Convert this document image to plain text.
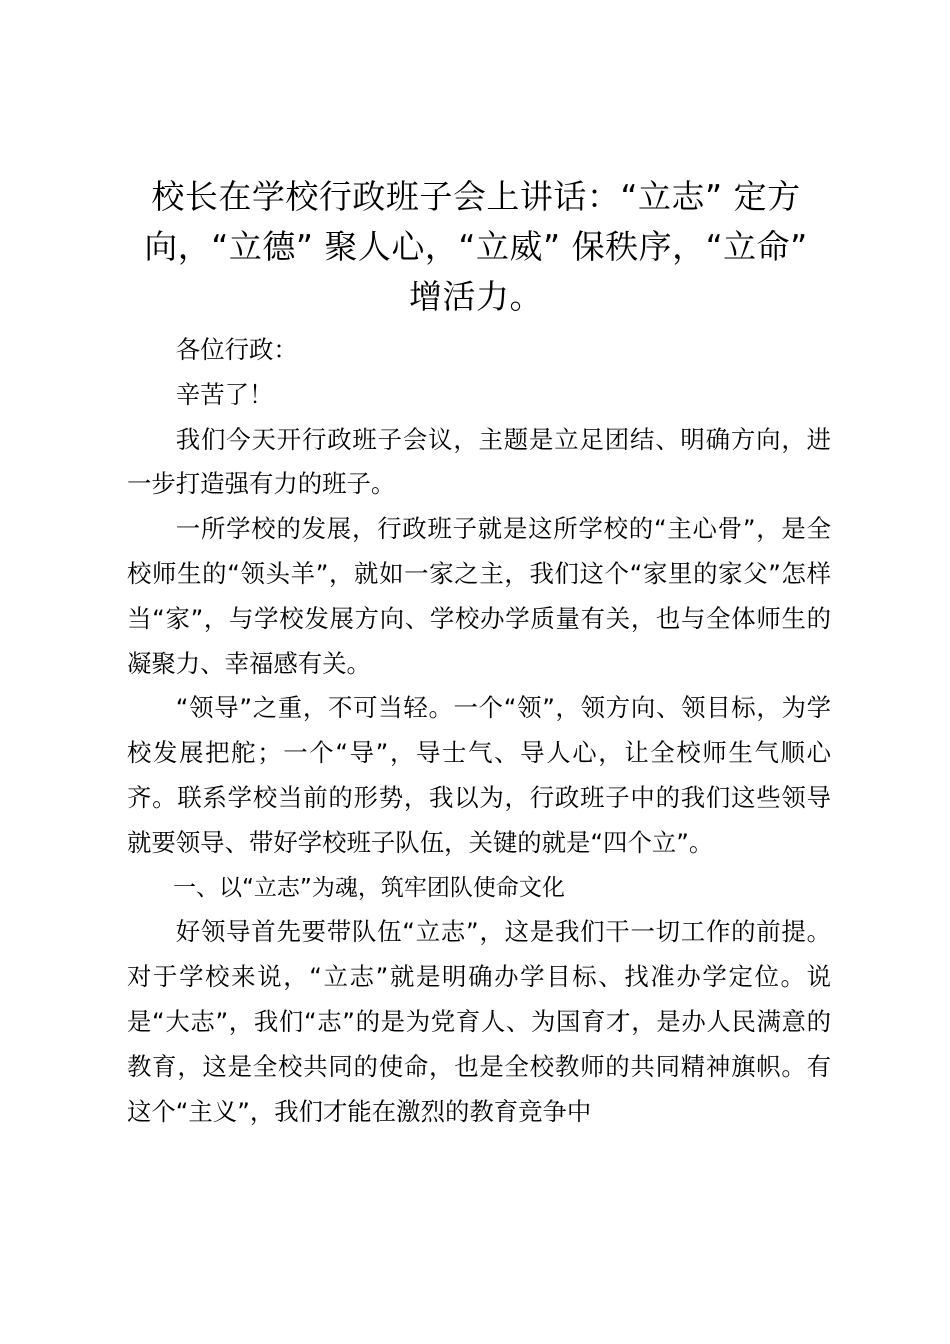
校长在学校行政班子会上讲话：“立志” 定方向，“立德” 聚人心，“立威” 保秩序，“立命” 增活力。

各位行政：

辛苦了！

我们今天开行政班子会议，主题是立足团结、明确方向，进一步打造强有力的班子。

一所学校的发展，行政班子就是这所学校的“主心骨”，是全校师生的“领头羊”，就如一家之主，我们这个“家里的家父”怎样当“家”，与学校发展方向、学校办学质量有关，也与全体师生的凝聚力、幸福感有关。

“领导”之重，不可当轻。一个“领”，领方向、领目标，为学校发展把舵；一个“导”，导士气、导人心，让全校师生气顺心齐。联系学校当前的形势，我以为，行政班子中的我们这些领导就要领导、带好学校班子队伍，关键的就是“四个立”。

一、以“立志”为魂，筑牢团队使命文化

好领导首先要带队伍“立志”，这是我们干一切工作的前提。对于学校来说，“立志”就是明确办学目标、找准办学定位。说是“大志”，我们“志”的是为党育人、为国育才，是办人民满意的教育，这是全校共同的使命，也是全校教师的共同精神旗帜。有这个“主义”，我们才能在激烈的教育竞争中
